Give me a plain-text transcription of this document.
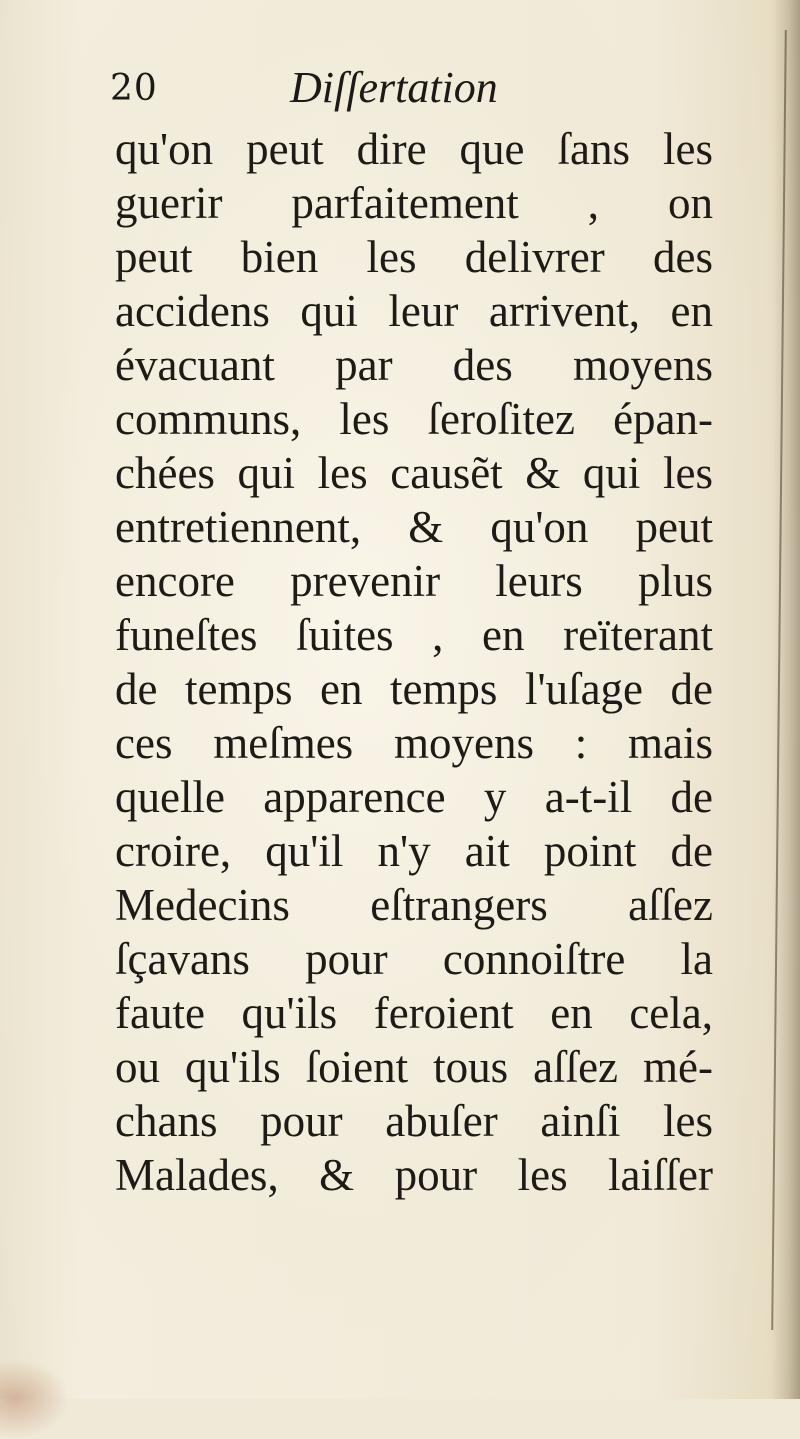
20	Diſſertation
qu'on peut dire que ſans les
guerir parfaitement , on
peut bien les delivrer des
accidens qui leur arrivent, en
évacuant par des moyens
communs, les ſeroſitez épan-
chées qui les causẽt & qui les
entretiennent, & qu'on peut
encore prevenir leurs plus
funeſtes ſuites , en reïterant
de temps en temps l'uſage de
ces meſmes moyens : mais
quelle apparence y a-t-il de
croire, qu'il n'y ait point de
Medecins eſtrangers aſſez
ſçavans pour connoiſtre la
faute qu'ils feroient en cela,
ou qu'ils ſoient tous aſſez mé-
chans pour abuſer ainſi les
Malades, & pour les laiſſer
